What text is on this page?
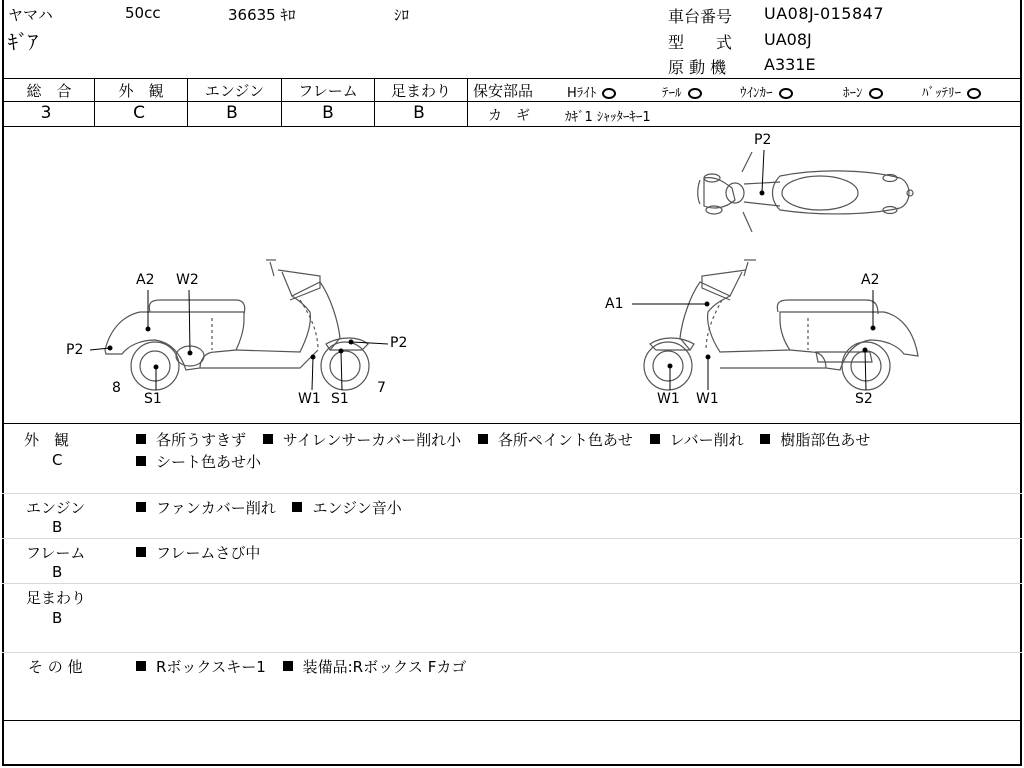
ヤマハ	50cc	36635 ｷﾛ	ｼﾛ
ｷﾞｱ
車台番号 UA08J-015847
型　　式 UA08J
原 動 機 A331E
総　合	外　観	エンジン	フレーム	足まわり
3	C	B	B	B
保安部品	Hﾗｲﾄ	ﾃｰﾙ	ｳｲﾝｶｰ	ﾎｰﾝ	ﾊﾞｯﾃﾘｰ
カ　ギ	ｶｷﾞ1 ｼｬｯﾀｰｷｰ1
P2
A2 W2
P2	P2
8
S1	W1 S1
7
A1
A2
W1 W1	S2
外　観
C
各所うすきず サイレンサーカバー削れ小 各所ペイント色あせ レバー削れ 樹脂部色あせ
シート色あせ小
エンジン
B
ファンカバー削れ エンジン音小
フレーム
B
フレームさび中
足まわり
B
そ の 他	Rボックスキー1 装備品:Rボックス Fカゴ
